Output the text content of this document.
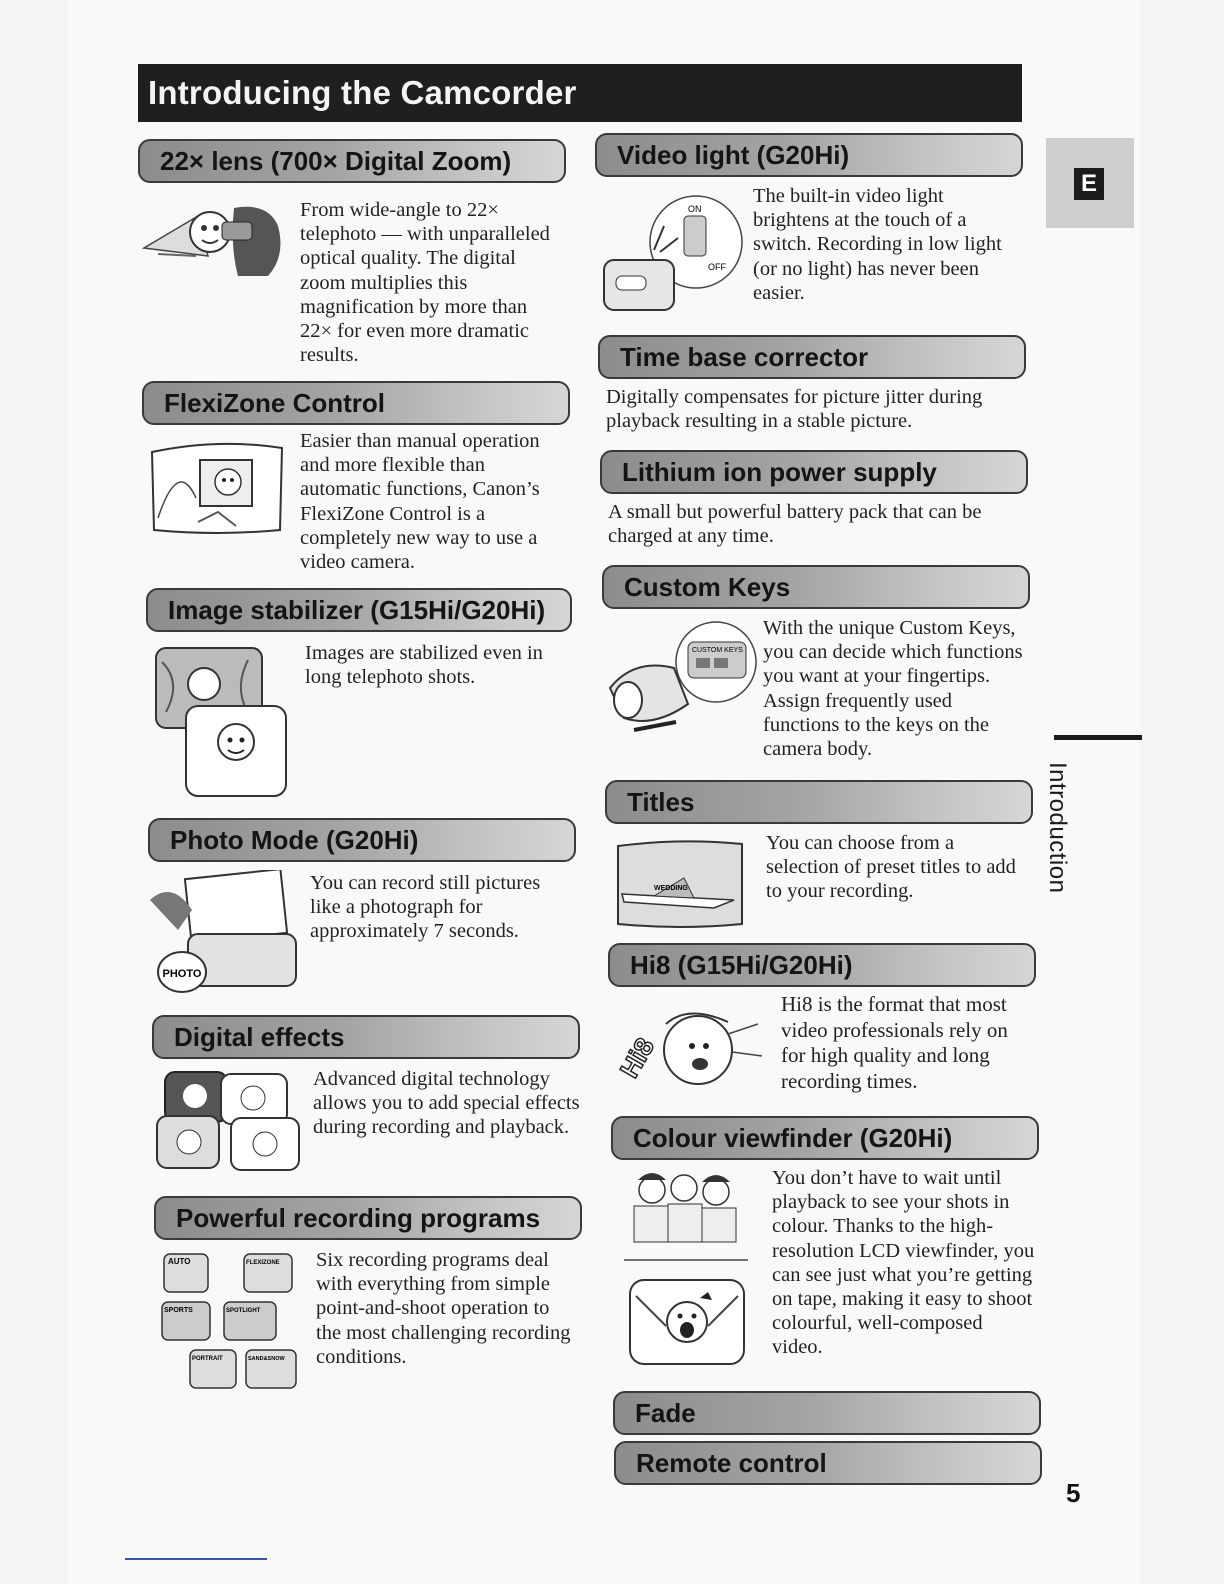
Introducing the Camcorder
E
Introduction
22× lens (700× Digital Zoom)
From wide-angle to 22× telephoto — with unparalleled optical quality. The digital zoom multiplies this magnification by more than 22× for even more dramatic results.
FlexiZone Control
Easier than manual operation and more flexible than automatic functions, Canon’s FlexiZone Control is a completely new way to use a video camera.
Image stabilizer (G15Hi/G20Hi)
Images are stabilized even in long telephoto shots.
Photo Mode (G20Hi)
PHOTO
You can record still pictures like a photograph for approximately 7 seconds.
Digital effects
Advanced digital technology allows you to add special effects during recording and playback.
Powerful recording programs
AUTO	FLEXIZONE
SPORTS	SPOTLIGHT
PORTRAIT	SAND&SNOW
Six recording programs deal with everything from simple point-and-shoot operation to the most challenging recording conditions.
Video light (G20Hi)
ON
OFF
The built-in video light brightens at the touch of a switch. Recording in low light (or no light) has never been easier.
Time base corrector
Digitally compensates for picture jitter during playback resulting in a stable picture.
Lithium ion power supply
A small but powerful battery pack that can be charged at any time.
Custom Keys
CUSTOM KEYS
With the unique Custom Keys, you can decide which functions you want at your fingertips. Assign frequently used functions to the keys on the camera body.
Titles
WEDDING
You can choose from a selection of preset titles to add to your recording.
Hi8 (G15Hi/G20Hi)
Hi8
Hi8 is the format that most video professionals rely on for high quality and long recording times.
Colour viewfinder (G20Hi)
You don’t have to wait until playback to see your shots in colour. Thanks to the high-resolution LCD viewfinder, you can see just what you’re getting on tape, making it easy to shoot colourful, well-composed video.
Fade
Remote control
5
